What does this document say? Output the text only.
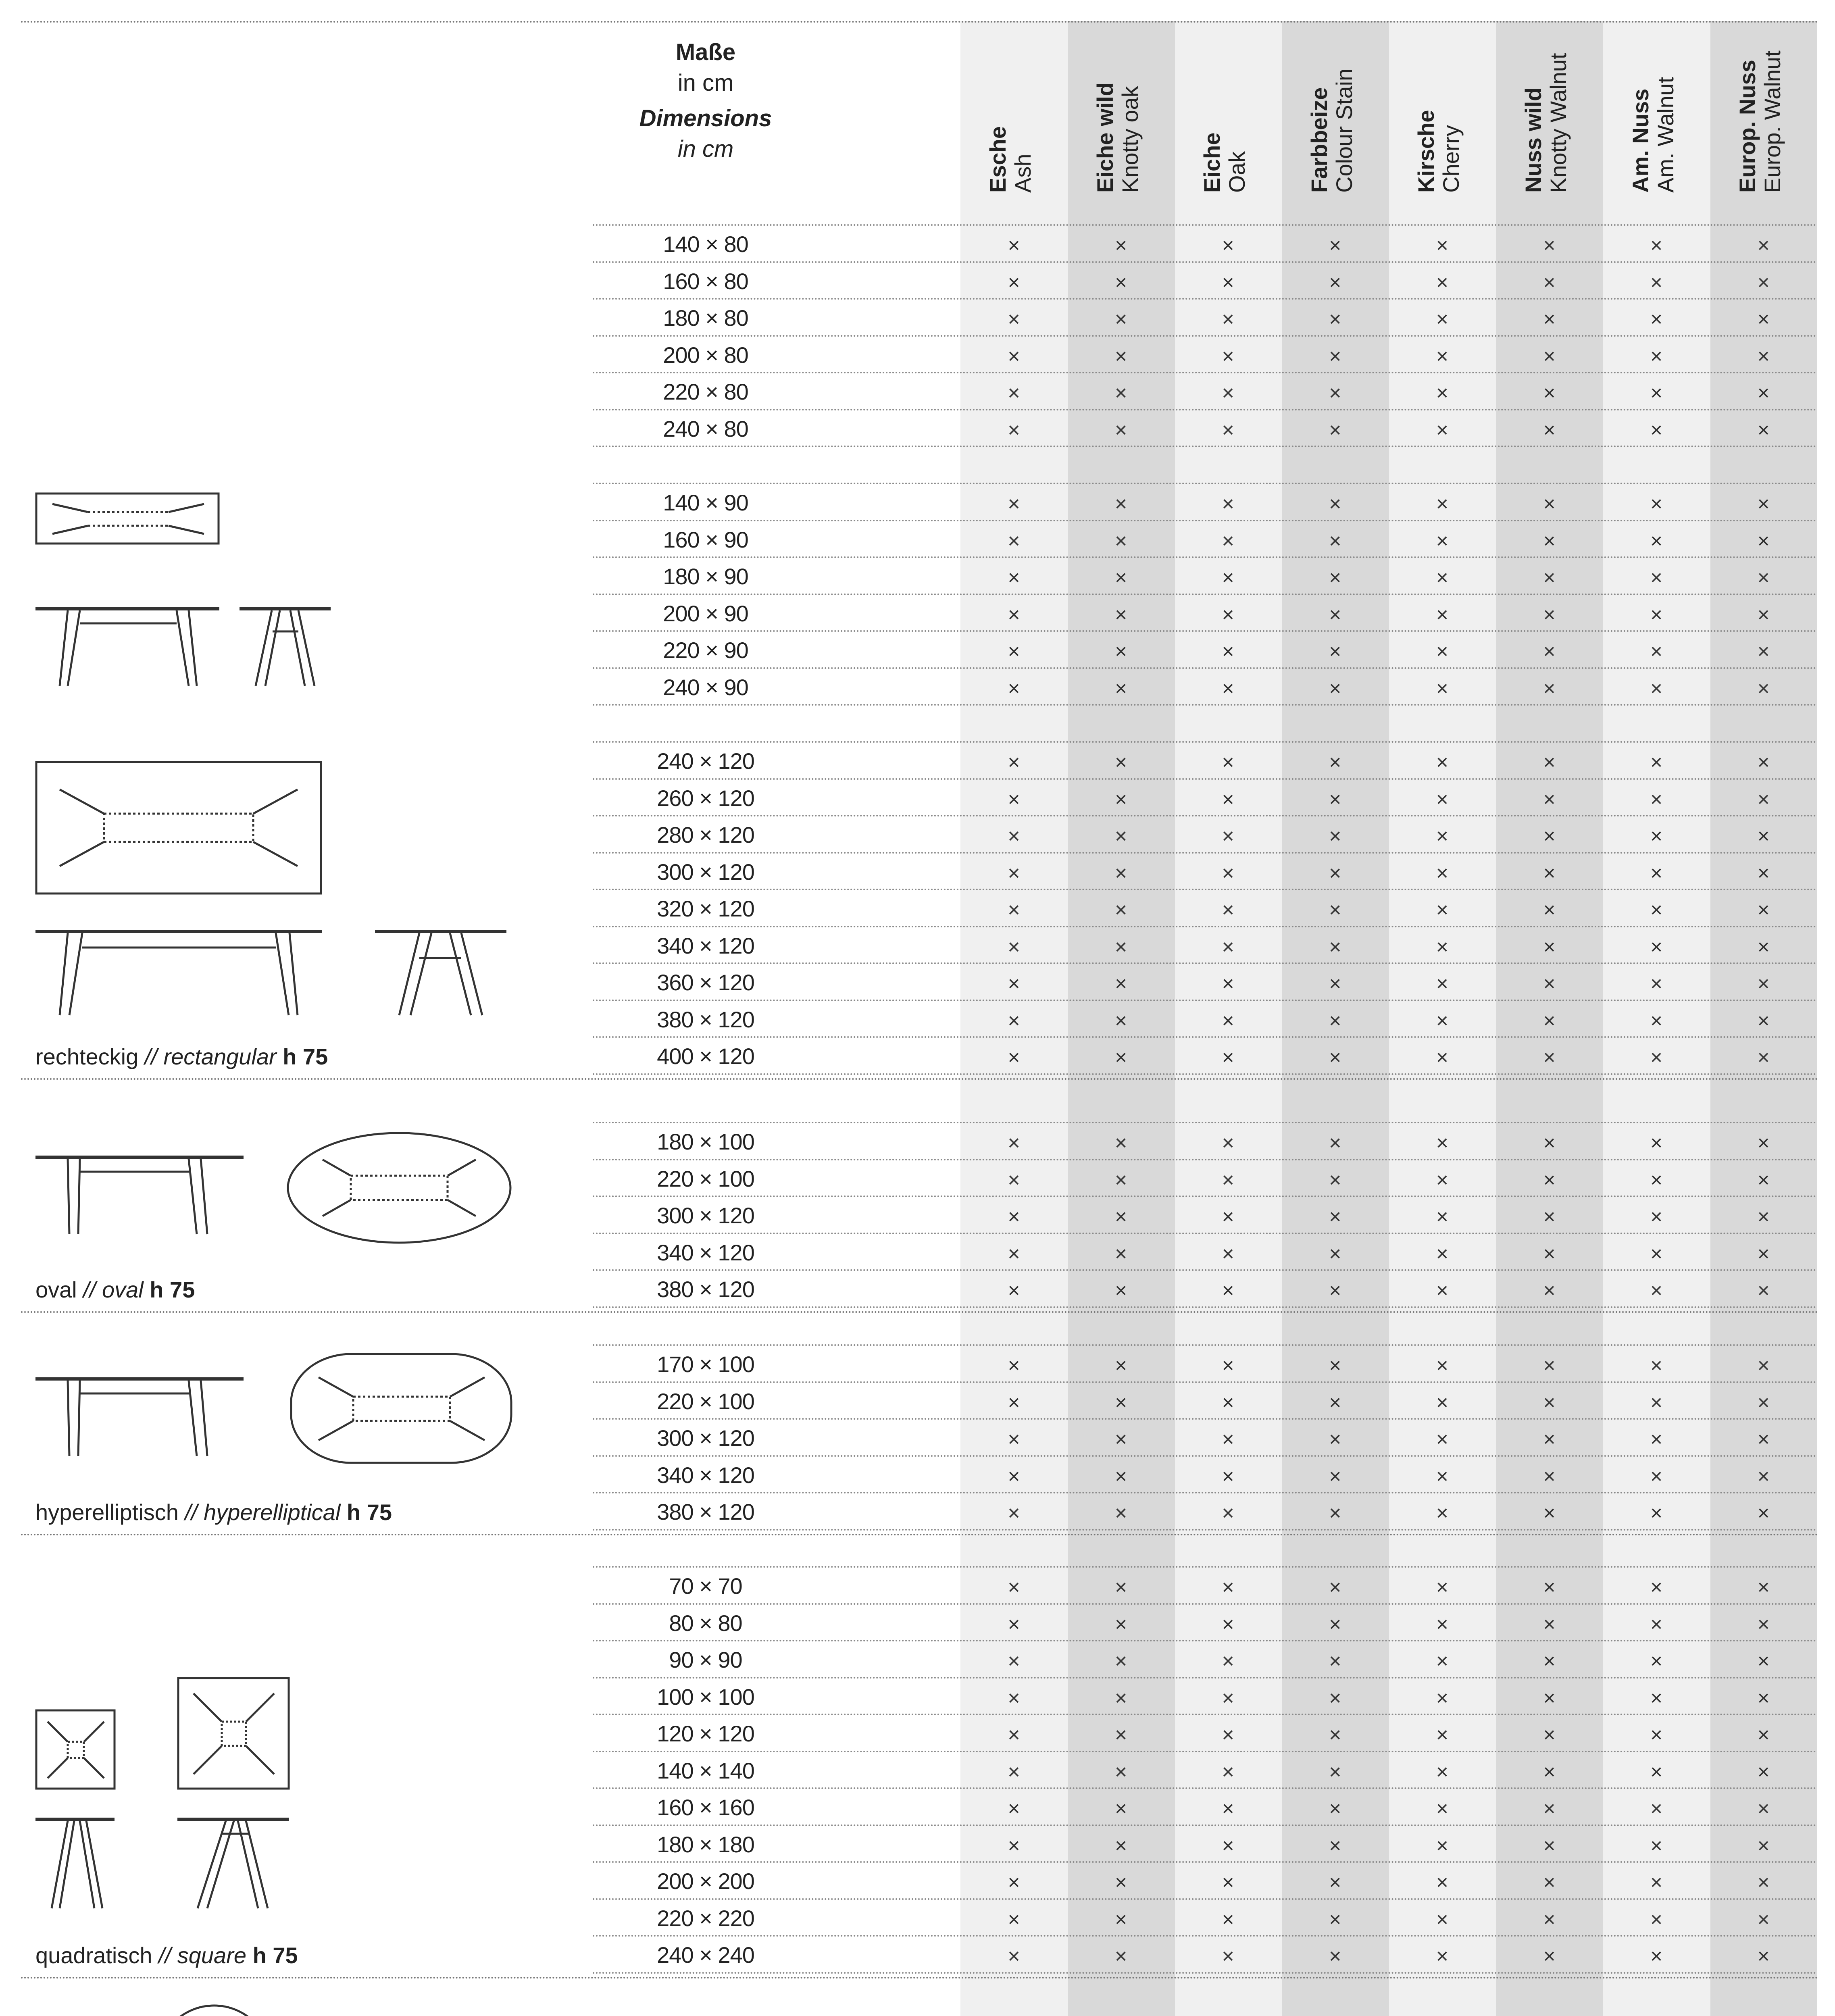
Maße
in cm
Dimensions
in cm	Esche Ash	Eiche wild Knotty oak	Eiche Oak	Farbbeize Colour Stain	Kirsche Cherry	Nuss wild Knotty Walnut	Am. Nuss Am. Walnut	Europ. Nuss Europ. Walnut
140 × 80	×	×	×	×	×	×	×	×
160 × 80	×	×	×	×	×	×	×	×
180 × 80	×	×	×	×	×	×	×	×
200 × 80	×	×	×	×	×	×	×	×
220 × 80	×	×	×	×	×	×	×	×
240 × 80	×	×	×	×	×	×	×	×
140 × 90	×	×	×	×	×	×	×	×
160 × 90	×	×	×	×	×	×	×	×
180 × 90	×	×	×	×	×	×	×	×
200 × 90	×	×	×	×	×	×	×	×
220 × 90	×	×	×	×	×	×	×	×
240 × 90	×	×	×	×	×	×	×	×
240 × 120	×	×	×	×	×	×	×	×
260 × 120	×	×	×	×	×	×	×	×
280 × 120	×	×	×	×	×	×	×	×
300 × 120	×	×	×	×	×	×	×	×
320 × 120	×	×	×	×	×	×	×	×
340 × 120	×	×	×	×	×	×	×	×
360 × 120	×	×	×	×	×	×	×	×
380 × 120	×	×	×	×	×	×	×	×
400 × 120	×	×	×	×	×	×	×	×
180 × 100	×	×	×	×	×	×	×	×
220 × 100	×	×	×	×	×	×	×	×
300 × 120	×	×	×	×	×	×	×	×
340 × 120	×	×	×	×	×	×	×	×
380 × 120	×	×	×	×	×	×	×	×
170 × 100	×	×	×	×	×	×	×	×
220 × 100	×	×	×	×	×	×	×	×
300 × 120	×	×	×	×	×	×	×	×
340 × 120	×	×	×	×	×	×	×	×
380 × 120	×	×	×	×	×	×	×	×
70 × 70	×	×	×	×	×	×	×	×
80 × 80	×	×	×	×	×	×	×	×
90 × 90	×	×	×	×	×	×	×	×
100 × 100	×	×	×	×	×	×	×	×
120 × 120	×	×	×	×	×	×	×	×
140 × 140	×	×	×	×	×	×	×	×
160 × 160	×	×	×	×	×	×	×	×
180 × 180	×	×	×	×	×	×	×	×
200 × 200	×	×	×	×	×	×	×	×
220 × 220	×	×	×	×	×	×	×	×
240 × 240	×	×	×	×	×	×	×	×
rechteckig // rectangular h 75
oval // oval h 75
hyperelliptisch // hyperelliptical h 75
quadratisch // square h 75
